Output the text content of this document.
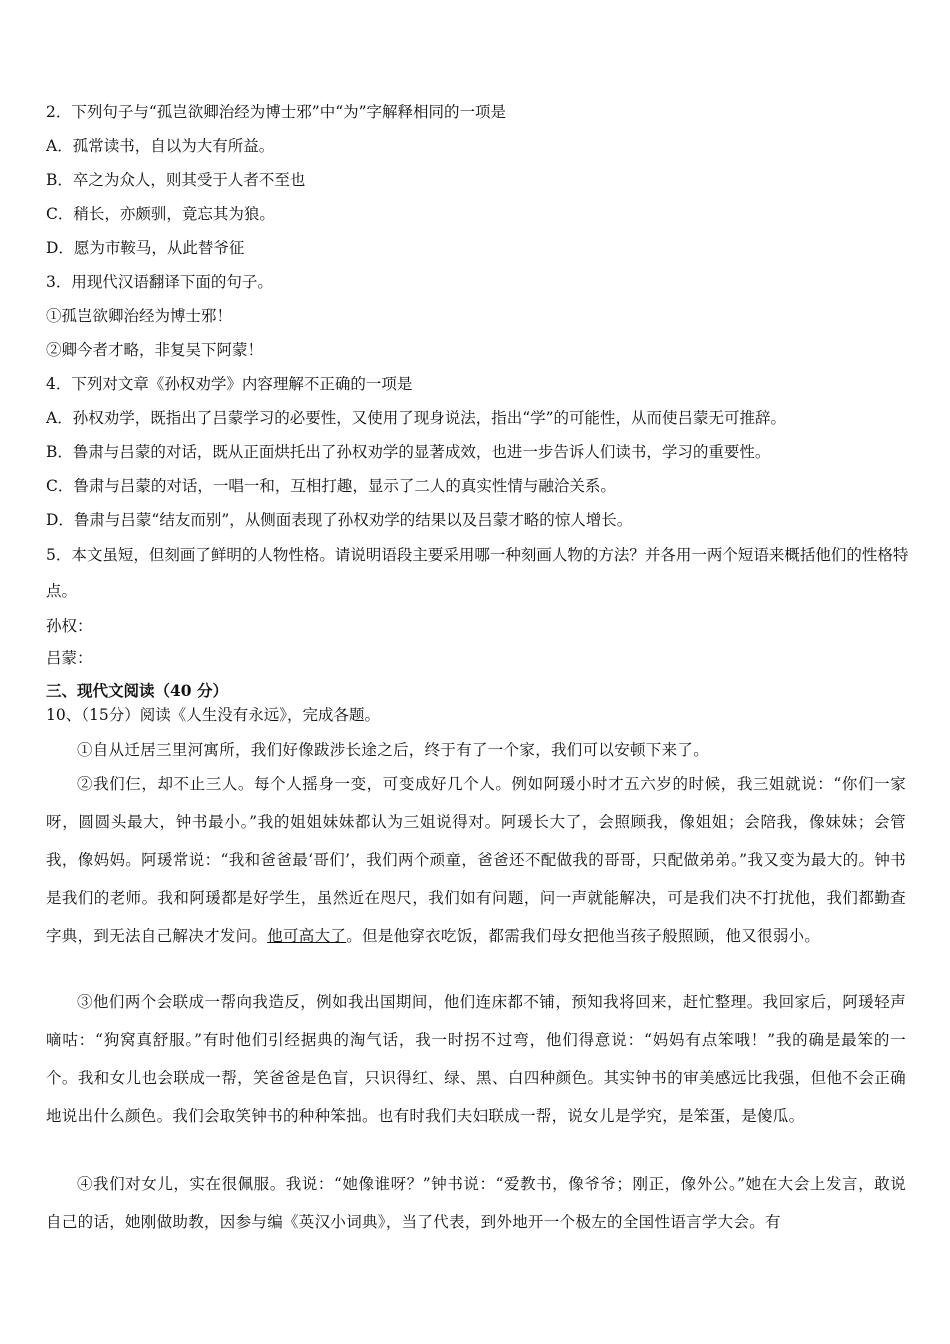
2．下列句子与“孤岂欲卿治经为博士邪”中“为”字解释相同的一项是
A．孤常读书，自以为大有所益。
B．卒之为众人，则其受于人者不至也
C．稍长，亦颇驯，竟忘其为狼。
D．愿为市鞍马，从此替爷征
3．用现代汉语翻译下面的句子。
①孤岂欲卿治经为博士邪！
②卿今者才略，非复吴下阿蒙！
4．下列对文章《孙权劝学》内容理解不正确的一项是
A．孙权劝学，既指出了吕蒙学习的必要性，又使用了现身说法，指出“学”的可能性，从而使吕蒙无可推辞。
B．鲁肃与吕蒙的对话，既从正面烘托出了孙权劝学的显著成效，也进一步告诉人们读书，学习的重要性。
C．鲁肃与吕蒙的对话，一唱一和，互相打趣，显示了二人的真实性情与融洽关系。
D．鲁肃与吕蒙“结友而别”，从侧面表现了孙权劝学的结果以及吕蒙才略的惊人增长。
5．本文虽短，但刻画了鲜明的人物性格。请说明语段主要采用哪一种刻画人物的方法？并各用一两个短语来概括他们的性格特点。
孙权：
吕蒙：
三、现代文阅读（40 分）
10、（15分）阅读《人生没有永远》，完成各题。
①自从迁居三里河寓所，我们好像跋涉长途之后，终于有了一个家，我们可以安顿下来了。
②我们仨，却不止三人。每个人摇身一变，可变成好几个人。例如阿瑗小时才五六岁的时候，我三姐就说：“你们一家呀，圆圆头最大，钟书最小。”我的姐姐妹妹都认为三姐说得对。阿瑗长大了，会照顾我，像姐姐；会陪我，像妹妹；会管我，像妈妈。阿瑗常说：“我和爸爸最‘哥们’，我们两个顽童，爸爸还不配做我的哥哥，只配做弟弟。”我又变为最大的。钟书是我们的老师。我和阿瑗都是好学生，虽然近在咫尺，我们如有问题，问一声就能解决，可是我们决不打扰他，我们都勤查字典，到无法自己解决才发问。他可高大了。但是他穿衣吃饭，都需我们母女把他当孩子般照顾，他又很弱小。
③他们两个会联成一帮向我造反，例如我出国期间，他们连床都不铺，预知我将回来，赶忙整理。我回家后，阿瑗轻声嘀咕：“狗窝真舒服。”有时他们引经据典的淘气话，我一时拐不过弯，他们得意说：“妈妈有点笨哦！”我的确是最笨的一个。我和女儿也会联成一帮，笑爸爸是色盲，只识得红、绿、黑、白四种颜色。其实钟书的审美感远比我强，但他不会正确地说出什么颜色。我们会取笑钟书的种种笨拙。也有时我们夫妇联成一帮，说女儿是学究，是笨蛋，是傻瓜。
④我们对女儿，实在很佩服。我说：“她像谁呀？”钟书说：“爱教书，像爷爷；刚正，像外公。”她在大会上发言，敢说自己的话，她刚做助教，因参与编《英汉小词典》，当了代表，到外地开一个极左的全国性语言学大会。有
